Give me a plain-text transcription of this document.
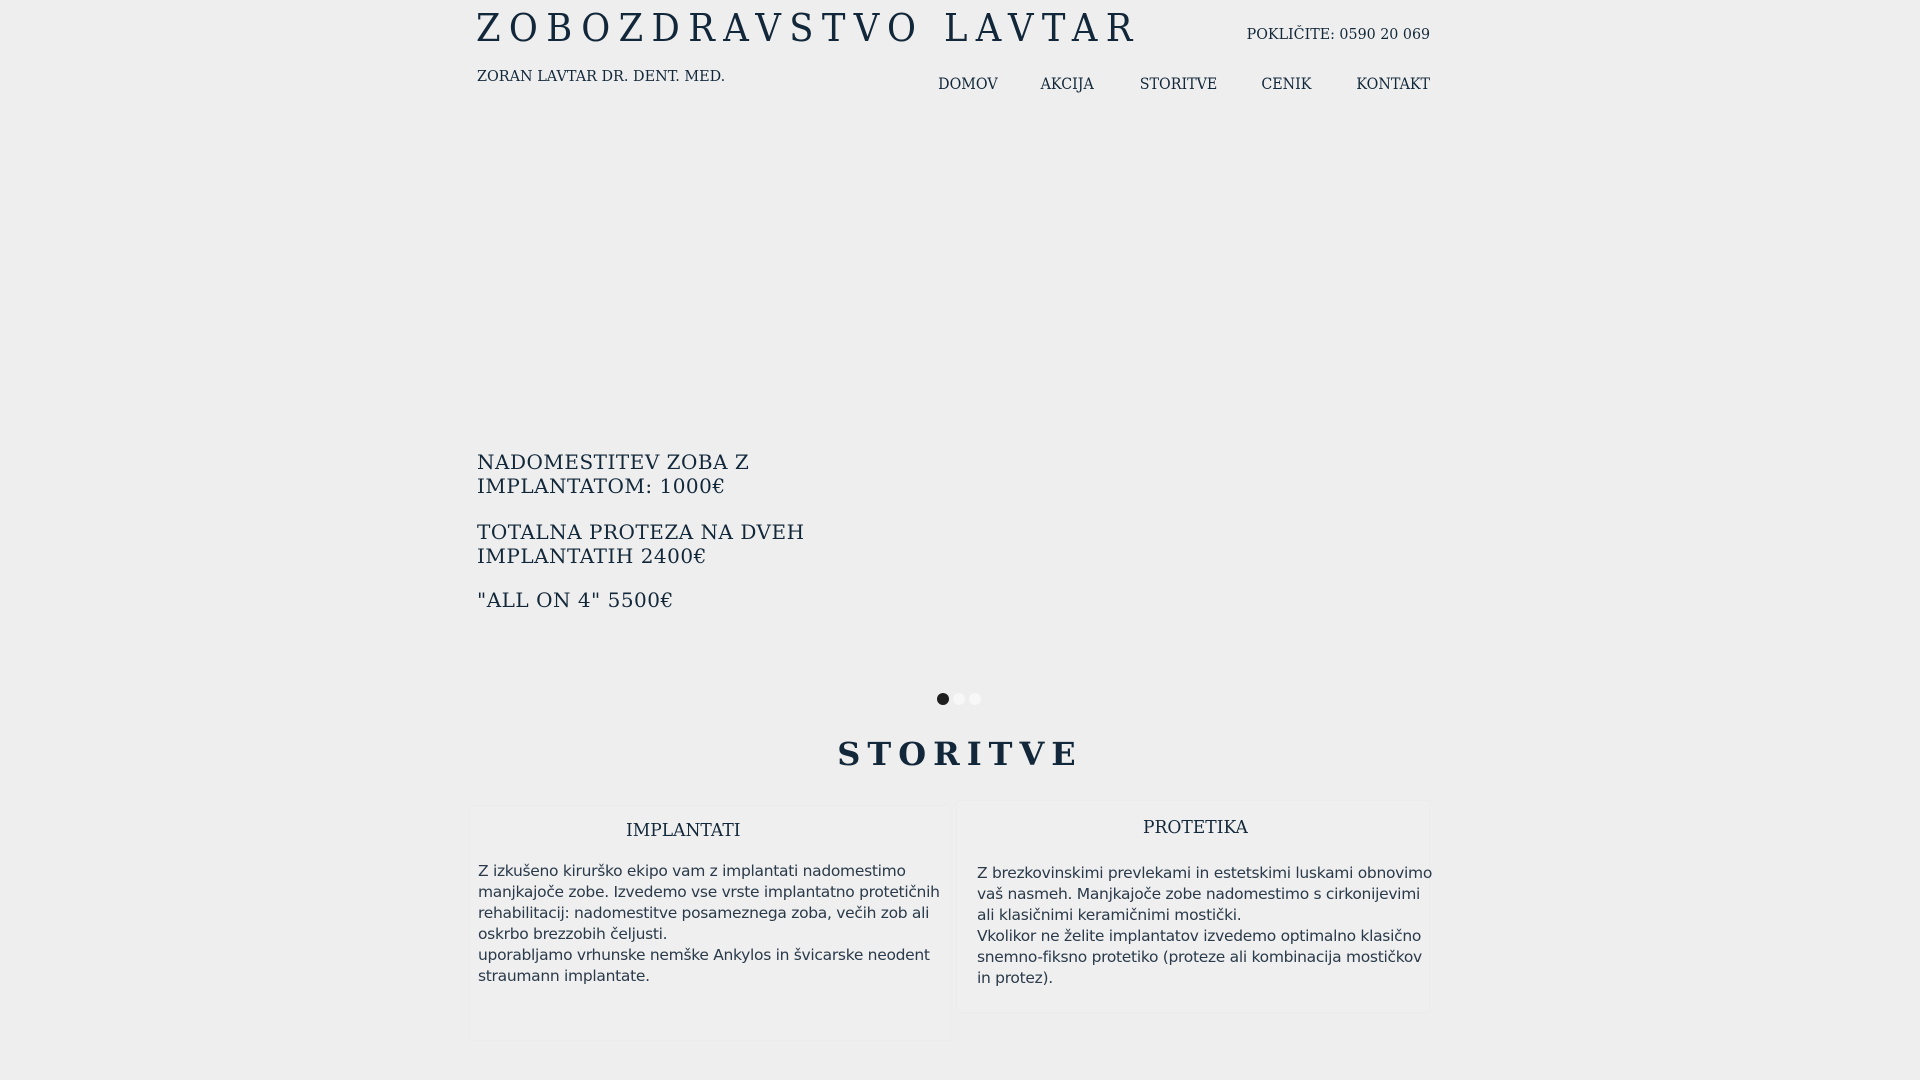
ZOBOZDRAVSTVO LAVTAR
ZORAN LAVTAR DR. DENT. MED.
POKLIČITE: 0590 20 069
DOMOV	AKCIJA	STORITVE	CENIK	KONTAKT
NADOMESTITEV ZOBA Z
IMPLANTATOM: 1000€
TOTALNA PROTEZA NA DVEH
IMPLANTATIH 2400€
"ALL ON 4" 5500€
STORITVE
IMPLANTATI
Z izkušeno kirurško ekipo vam z implantati nadomestimo
manjkajoče zobe. Izvedemo vse vrste implantatno protetičnih
rehabilitacij: nadomestitve posameznega zoba, večih zob ali
oskrbo brezzobih čeljusti.
uporabljamo vrhunske nemške Ankylos in švicarske neodent
straumann implantate.
PROTETIKA
Z brezkovinskimi prevlekami in estetskimi luskami obnovimo
vaš nasmeh. Manjkajoče zobe nadomestimo s cirkonijevimi
ali klasičnimi keramičnimi mostički.
Vkolikor ne želite implantatov izvedemo optimalno klasično
snemno-fiksno protetiko (proteze ali kombinacija mostičkov
in protez).
